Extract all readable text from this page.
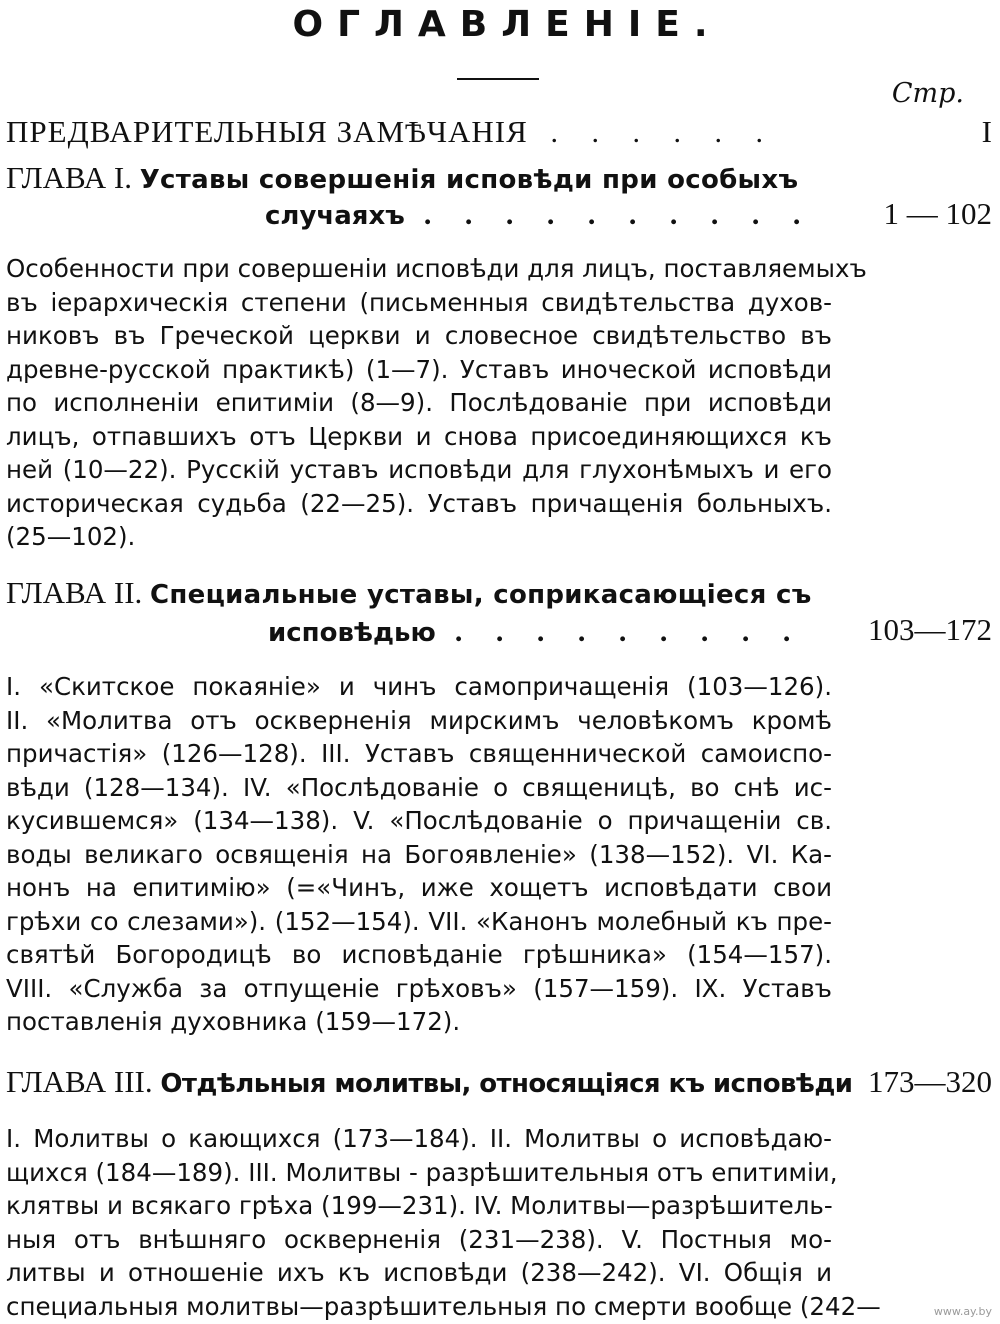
ОГЛАВЛЕНІЕ.
Стр.
ПРЕДВАРИТЕЛЬНЫЯ ЗАМѢЧАНІЯ . . . . . .	I
ГЛАВА I. Уставы совершенія исповѣди при особыхъ
случаяхъ . . . . . . . . . . 1 — 102
Особенности при совершеніи исповѣди для лицъ, поставляемыхъ
въ іерархическія степени (письменныя свидѣтельства духов-
никовъ въ Греческой церкви и словесное свидѣтельство въ
древне-русской практикѣ) (1—7). Уставъ иноческой исповѣди
по исполненіи епитиміи (8—9). Послѣдованіе при исповѣди
лицъ, отпавшихъ отъ Церкви и снова присоединяющихся къ
ней (10—22). Русскій уставъ исповѣди для глухонѣмыхъ и его
историческая судьба (22—25). Уставъ причащенія больныхъ.
(25—102).
ГЛАВА II. Специальные уставы, соприкасающіеся съ
исповѣдью . . . . . . . . . 103—172
I. «Скитское покаяніе» и чинъ самопричащенія (103—126).
II. «Молитва отъ оскверненія мирскимъ человѣкомъ кромѣ
причастія» (126—128). III. Уставъ священнической самоиспо-
вѣди (128—134). IV. «Послѣдованіе о священицѣ, во снѣ ис-
кусившемся» (134—138). V. «Послѣдованіе о причащеніи св.
воды великаго освященія на Богоявленіе» (138—152). VI. Ка-
нонъ на епитимію» (=«Чинъ, иже хощетъ исповѣдати свои
грѣхи со слезами»). (152—154). VII. «Канонъ молебный къ пре-
святѣй Богородицѣ во исповѣданіе грѣшника» (154—157).
VIII. «Служба за отпущеніе грѣховъ» (157—159). IX. Уставъ
поставленія духовника (159—172).
ГЛАВА III. Отдѣльныя молитвы, относящіяся къ исповѣди 173—320
I. Молитвы о кающихся (173—184). II. Молитвы о исповѣдаю-
щихся (184—189). III. Молитвы - разрѣшительныя отъ епитиміи,
клятвы и всякаго грѣха (199—231). IV. Молитвы—разрѣшитель-
ныя отъ внѣшняго оскверненія (231—238). V. Постныя мо-
литвы и отношеніе ихъ къ исповѣди (238—242). VI. Общія и
специальныя молитвы—разрѣшительныя по смерти вообще (242—	www.ay.by
